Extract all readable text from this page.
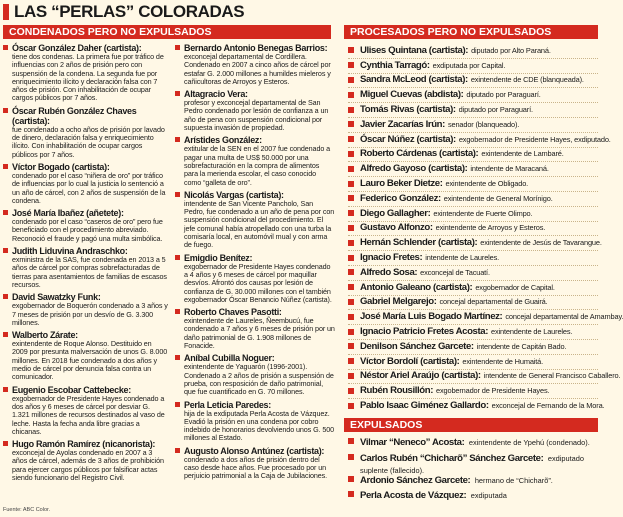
LAS “PERLAS” COLORADAS
CONDENADOS PERO NO EXPULSADOS	PROCESADOS PERO NO EXPULSADOS
EXPULSADOS
Óscar González Daher (cartista):
tiene dos condenas. La primera fue por tráfico de influencias con 2 años de prisión pero con suspensión de la condena. La segunda fue por enriquecimiento ilícito y declaración falsa con 7 años de prisión. Con inhabilitación de ocupar cargos públicos por 7 años.
Óscar Rubén González Chaves (cartista):
fue condenado a ocho años de prisión por lavado de dinero, declaración falsa y enriquecimiento ilícito. Con inhabilitación de ocupar cargos públicos por 7 años.
Víctor Bogado (cartista):
condenado por el caso “niñera de oro” por tráfico de influencias por lo cual la justicia lo sentenció a un año de cárcel, con 2 años de suspensión de la condena.
José María Ibañez (añetete):
condenado por el caso “caseros de oro” pero fue beneficiado con el procedimiento abreviado. Reconoció el fraude y pagó una multa simbólica.
Judith Liduvina Andraschko:
exministra de la SAS, fue condenada en 2013 a 5 años de cárcel por compras sobrefacturadas de tierras para asentamientos de familias de escasos recursos.
David Sawatzky Funk:
exgobernador de Boquerón condenado a 3 años y 7 meses de prisión por un desvío de G. 3.300 millones.
Walberto Zárate:
exintendente de Roque Alonso. Destituido en 2009 por presunta malversación de unos G. 8.000 millones. En 2018 fue condenado a dos años y medio de cárcel por denuncia falsa contra un comunicador.
Eugenio Escobar Cattebecke:
exgobernador de Presidente Hayes condenado a dos años y 6 meses de cárcel por desviar G. 1.321 millones de recursos destinados al vaso de leche. Hasta la fecha anda libre gracias a chicanas.
Hugo Ramón Ramírez (nicanorista):
exconcejal de Ayolas condenado en 2007 a 3 años de cárcel, además de 3 años de prohibición para ejercer cargos públicos por falsificar actas siendo funcionario del Registro Civil.
Bernardo Antonio Benegas Barrios:
exconcejal departamental de Cordillera. Condenado en 2007 a cinco años de cárcel por estafar G. 2.000 millones a humildes mieleros y cañicultoras de Arroyos y Esteros.
Altagracio Vera:
profesor y exconcejal departamental de San Pedro condenado por lesión de confianza a un año de pena con suspensión condicional por supuesta invasión de propiedad.
Arístides González:
extitular de la SEN en el 2007 fue condenado a pagar una multa de US$ 50.000 por una sobrefacturación en la compra de alimentos para la merienda escolar, el caso conocido como “galleta de oro”.
Nicolás Vargas (cartista):
intendente de San Vicente Pancholo, San Pedro, fue condenado a un año de pena por con suspensión condicional del procedimiento. El jefe comunal había atropellado con una turba la comisaría local, en automóvil mual y con arma de fuego.
Emigdio Benítez:
exgobernador de Presidente Hayes condenado a 4 años y 6 meses de cárcel por maquillar desvíos. Afrontó dos causas por lesión de confianza de G. 30.000 millones con el también exgobernador Óscar Benancio Núñez (cartista).
Roberto Chaves Pasotti:
exintendente de Laureles, Ñeembucú, fue condenado a 7 años y 6 meses de prisión por un daño patrimonial de G. 1.908 millones de Fonacide.
Aníbal Cubilla Noguer:
exintendente de Yaguarón (1996-2001). Condenado a 2 años de prisión a suspensión de prueba, con resposición de daño patrimonial, que fue cuantificado en G. 70 millones.
Perla Leticia Paredes:
hija de la exdiputada Perla Acosta de Vázquez. Evadió la prisión en una condena por cobro indebido de honorarios devolviendo unos G. 500 millones al Estado.
Augusto Alonso Antúnez (cartista):
condenado a dos años de prisión dentro del caso desde hace años. Fue procesado por un perjuicio patrimonial a la Caja de Jubilaciones.
Ulises Quintana (cartista): diputado por Alto Paraná.
Cynthia Tarragó: exdiputada por Capital.
Sandra McLeod (cartista): exintendente de CDE (blanqueada).
Miguel Cuevas (abdista): diputado por Paraguarí.
Tomás Rivas (cartista): diputado por Paraguarí.
Javier Zacarías Irún: senador (blanqueado).
Óscar Núñez (cartista): exgobernador de Presidente Hayes, exdiputado.
Roberto Cárdenas (cartista): exintendente de Lambaré.
Alfredo Gayoso (cartista): intendente de Maracaná.
Lauro Beker Dietze: exintendente de Obligado.
Federico González: exintendente de General Morínigo.
Diego Gallagher: exintendente de Fuerte Olimpo.
Gustavo Alfonzo: exintendente de Arroyos y Esteros.
Hernán Schlender (cartista): exintendente de Jesús de Tavarangue.
Ignacio Fretes: intendente de Laureles.
Alfredo Sosa: exconcejal de Tacuatí.
Antonio Galeano (cartista): exgobernador de Capital.
Gabriel Melgarejo: concejal departamental de Guairá.
José María Luis Bogado Martínez: concejal departamental de Amambay.
Ignacio Patricio Fretes Acosta: exintendente de Laureles.
Denilson Sánchez Garcete: intendente de Capitán Bado.
Víctor Bordolí (cartista): exintendente de Humaitá.
Néstor Ariel Araújo (cartista): intendente de General Francisco Caballero.
Rubén Rousillón: exgobernador de Presidente Hayes.
Pablo Isaac Giménez Gallardo: exconcejal de Fernando de la Mora.
Vilmar “Neneco” Acosta: exintendente de Ypehú (condenado).
Carlos Rubén “Chicharõ” Sánchez Garcete: exdiputado suplente (fallecido).
Ardonio Sánchez Garcete: hermano de “Chicharõ”.
Perla Acosta de Vázquez: exdiputada
Fuente: ABC Color.
